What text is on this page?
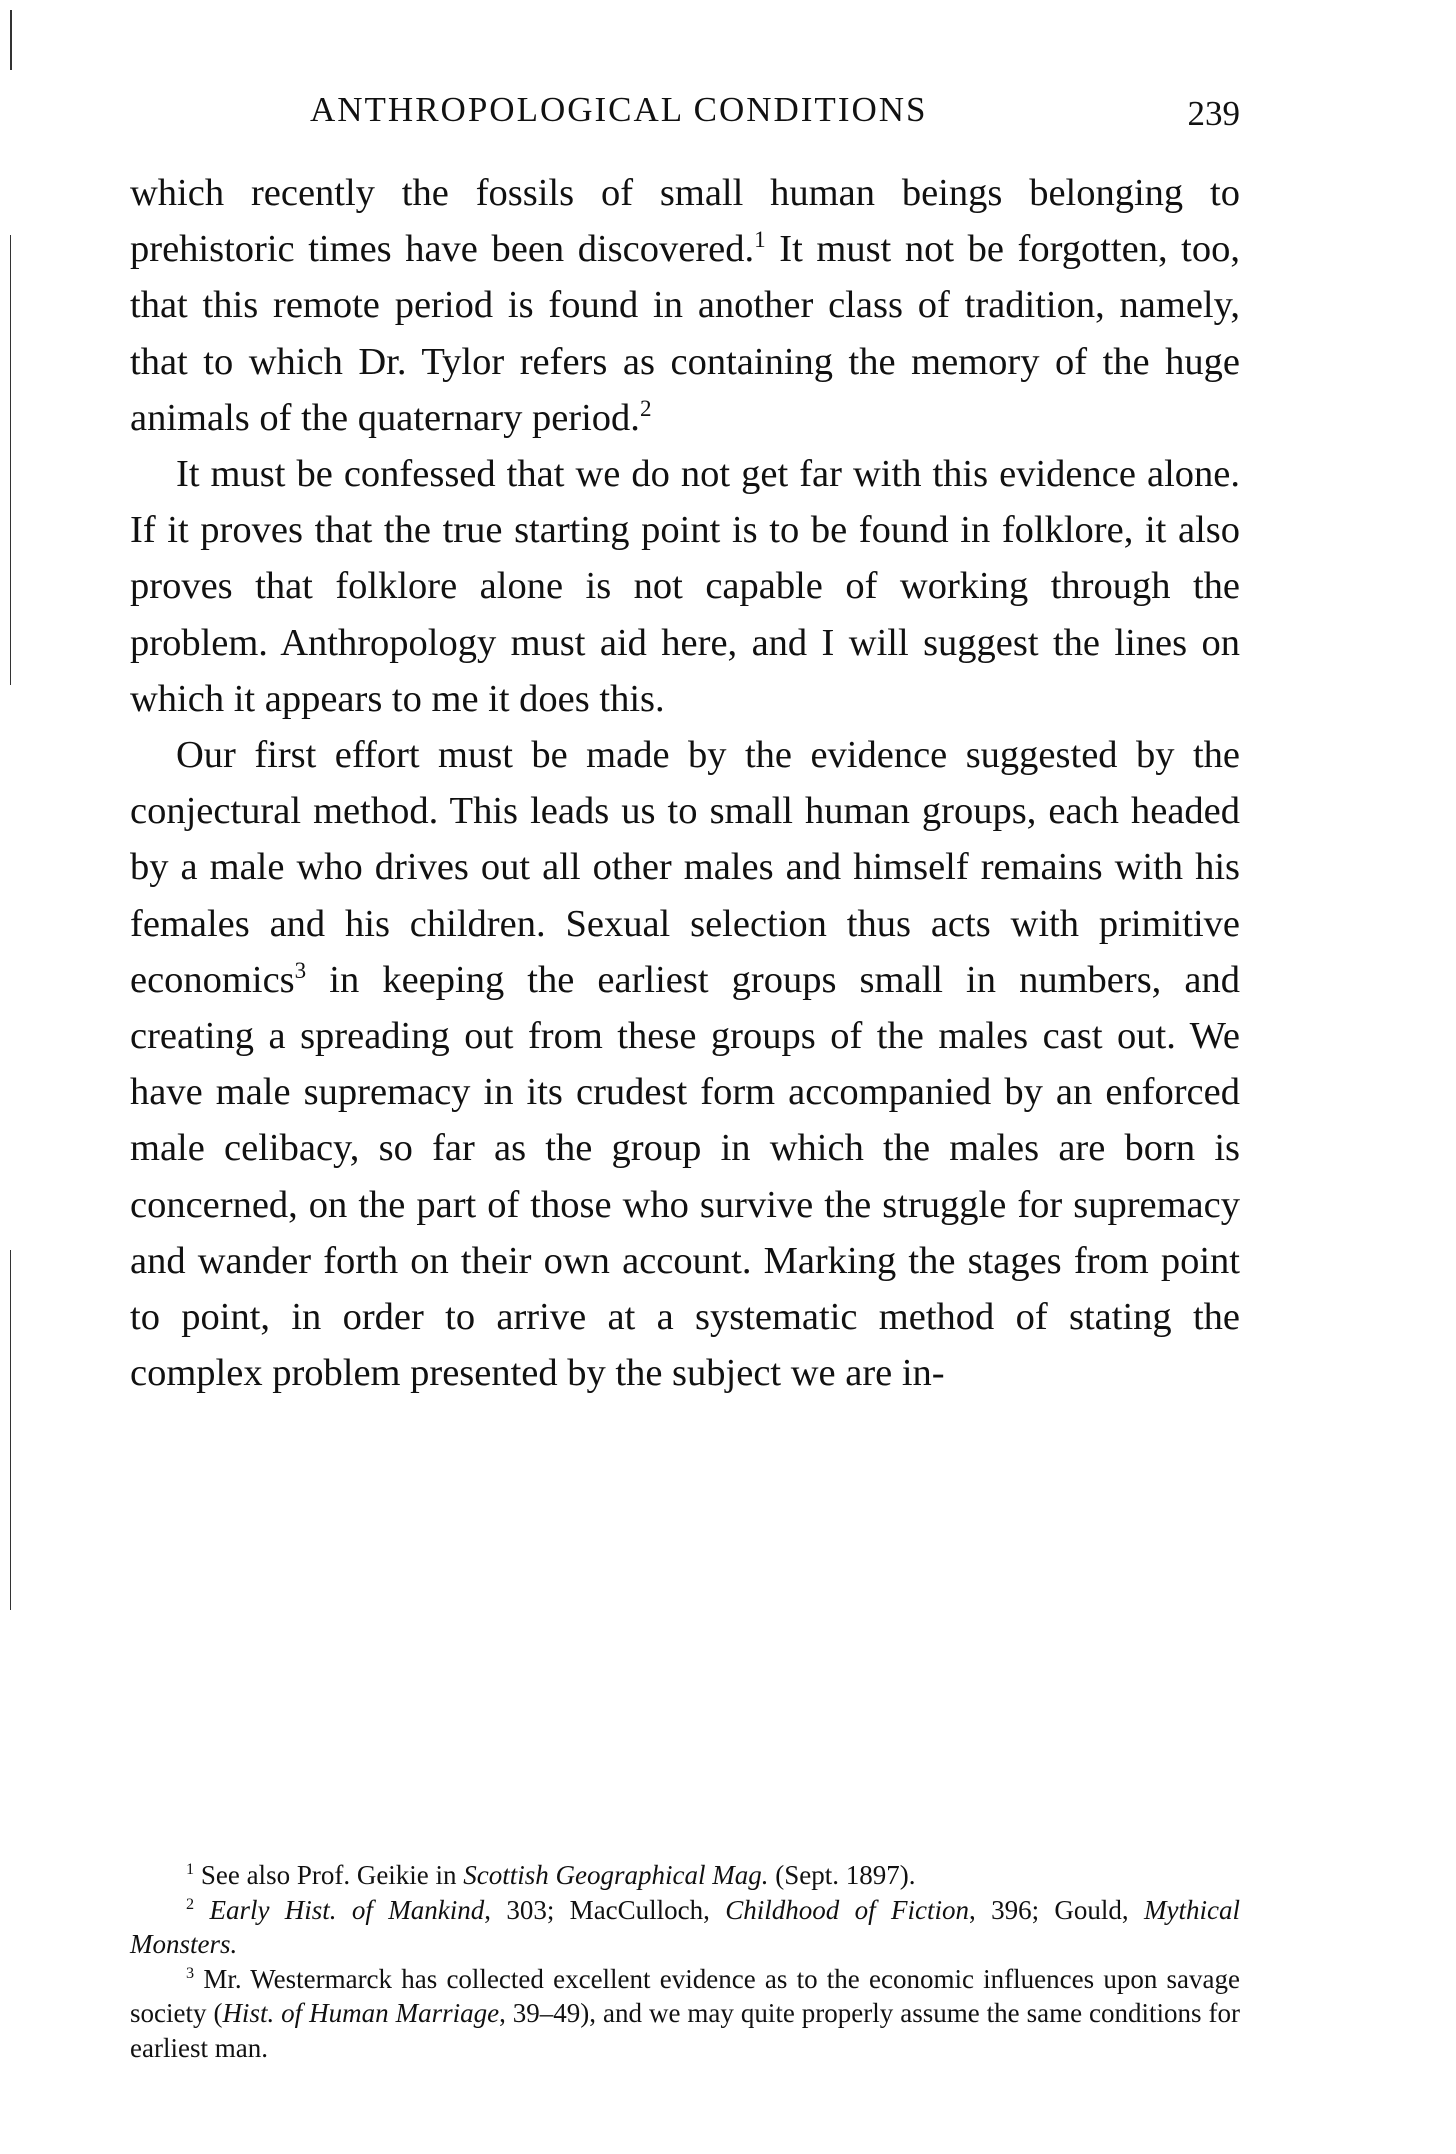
ANTHROPOLOGICAL CONDITIONS	239

which recently the fossils of small human beings belonging to prehistoric times have been discovered.$^1$ It must not be forgotten, too, that this remote period is found in another class of tradition, namely, that to which Dr. Tylor refers as containing the memory of the huge animals of the quaternary period.$^2$

It must be confessed that we do not get far with this evidence alone. If it proves that the true starting point is to be found in folklore, it also proves that folklore alone is not capable of working through the problem. Anthropology must aid here, and I will suggest the lines on which it appears to me it does this.

Our first effort must be made by the evidence suggested by the conjectural method. This leads us to small human groups, each headed by a male who drives out all other males and himself remains with his females and his children. Sexual selection thus acts with primitive economics$^3$ in keeping the earliest groups small in numbers, and creating a spreading out from these groups of the males cast out. We have male supremacy in its crudest form accompanied by an enforced male celibacy, so far as the group in which the males are born is concerned, on the part of those who survive the struggle for supremacy and wander forth on their own account. Marking the stages from point to point, in order to arrive at a systematic method of stating the complex problem presented by the subject we are in-

$^1$ See also Prof. Geikie in Scottish Geographical Mag. (Sept. 1897).

$^2$ Early Hist. of Mankind, 303; MacCulloch, Childhood of Fiction, 396; Gould, Mythical Monsters.

$^3$ Mr. Westermarck has collected excellent evidence as to the economic influences upon savage society (Hist. of Human Marriage, 39–49), and we may quite properly assume the same conditions for earliest man.
